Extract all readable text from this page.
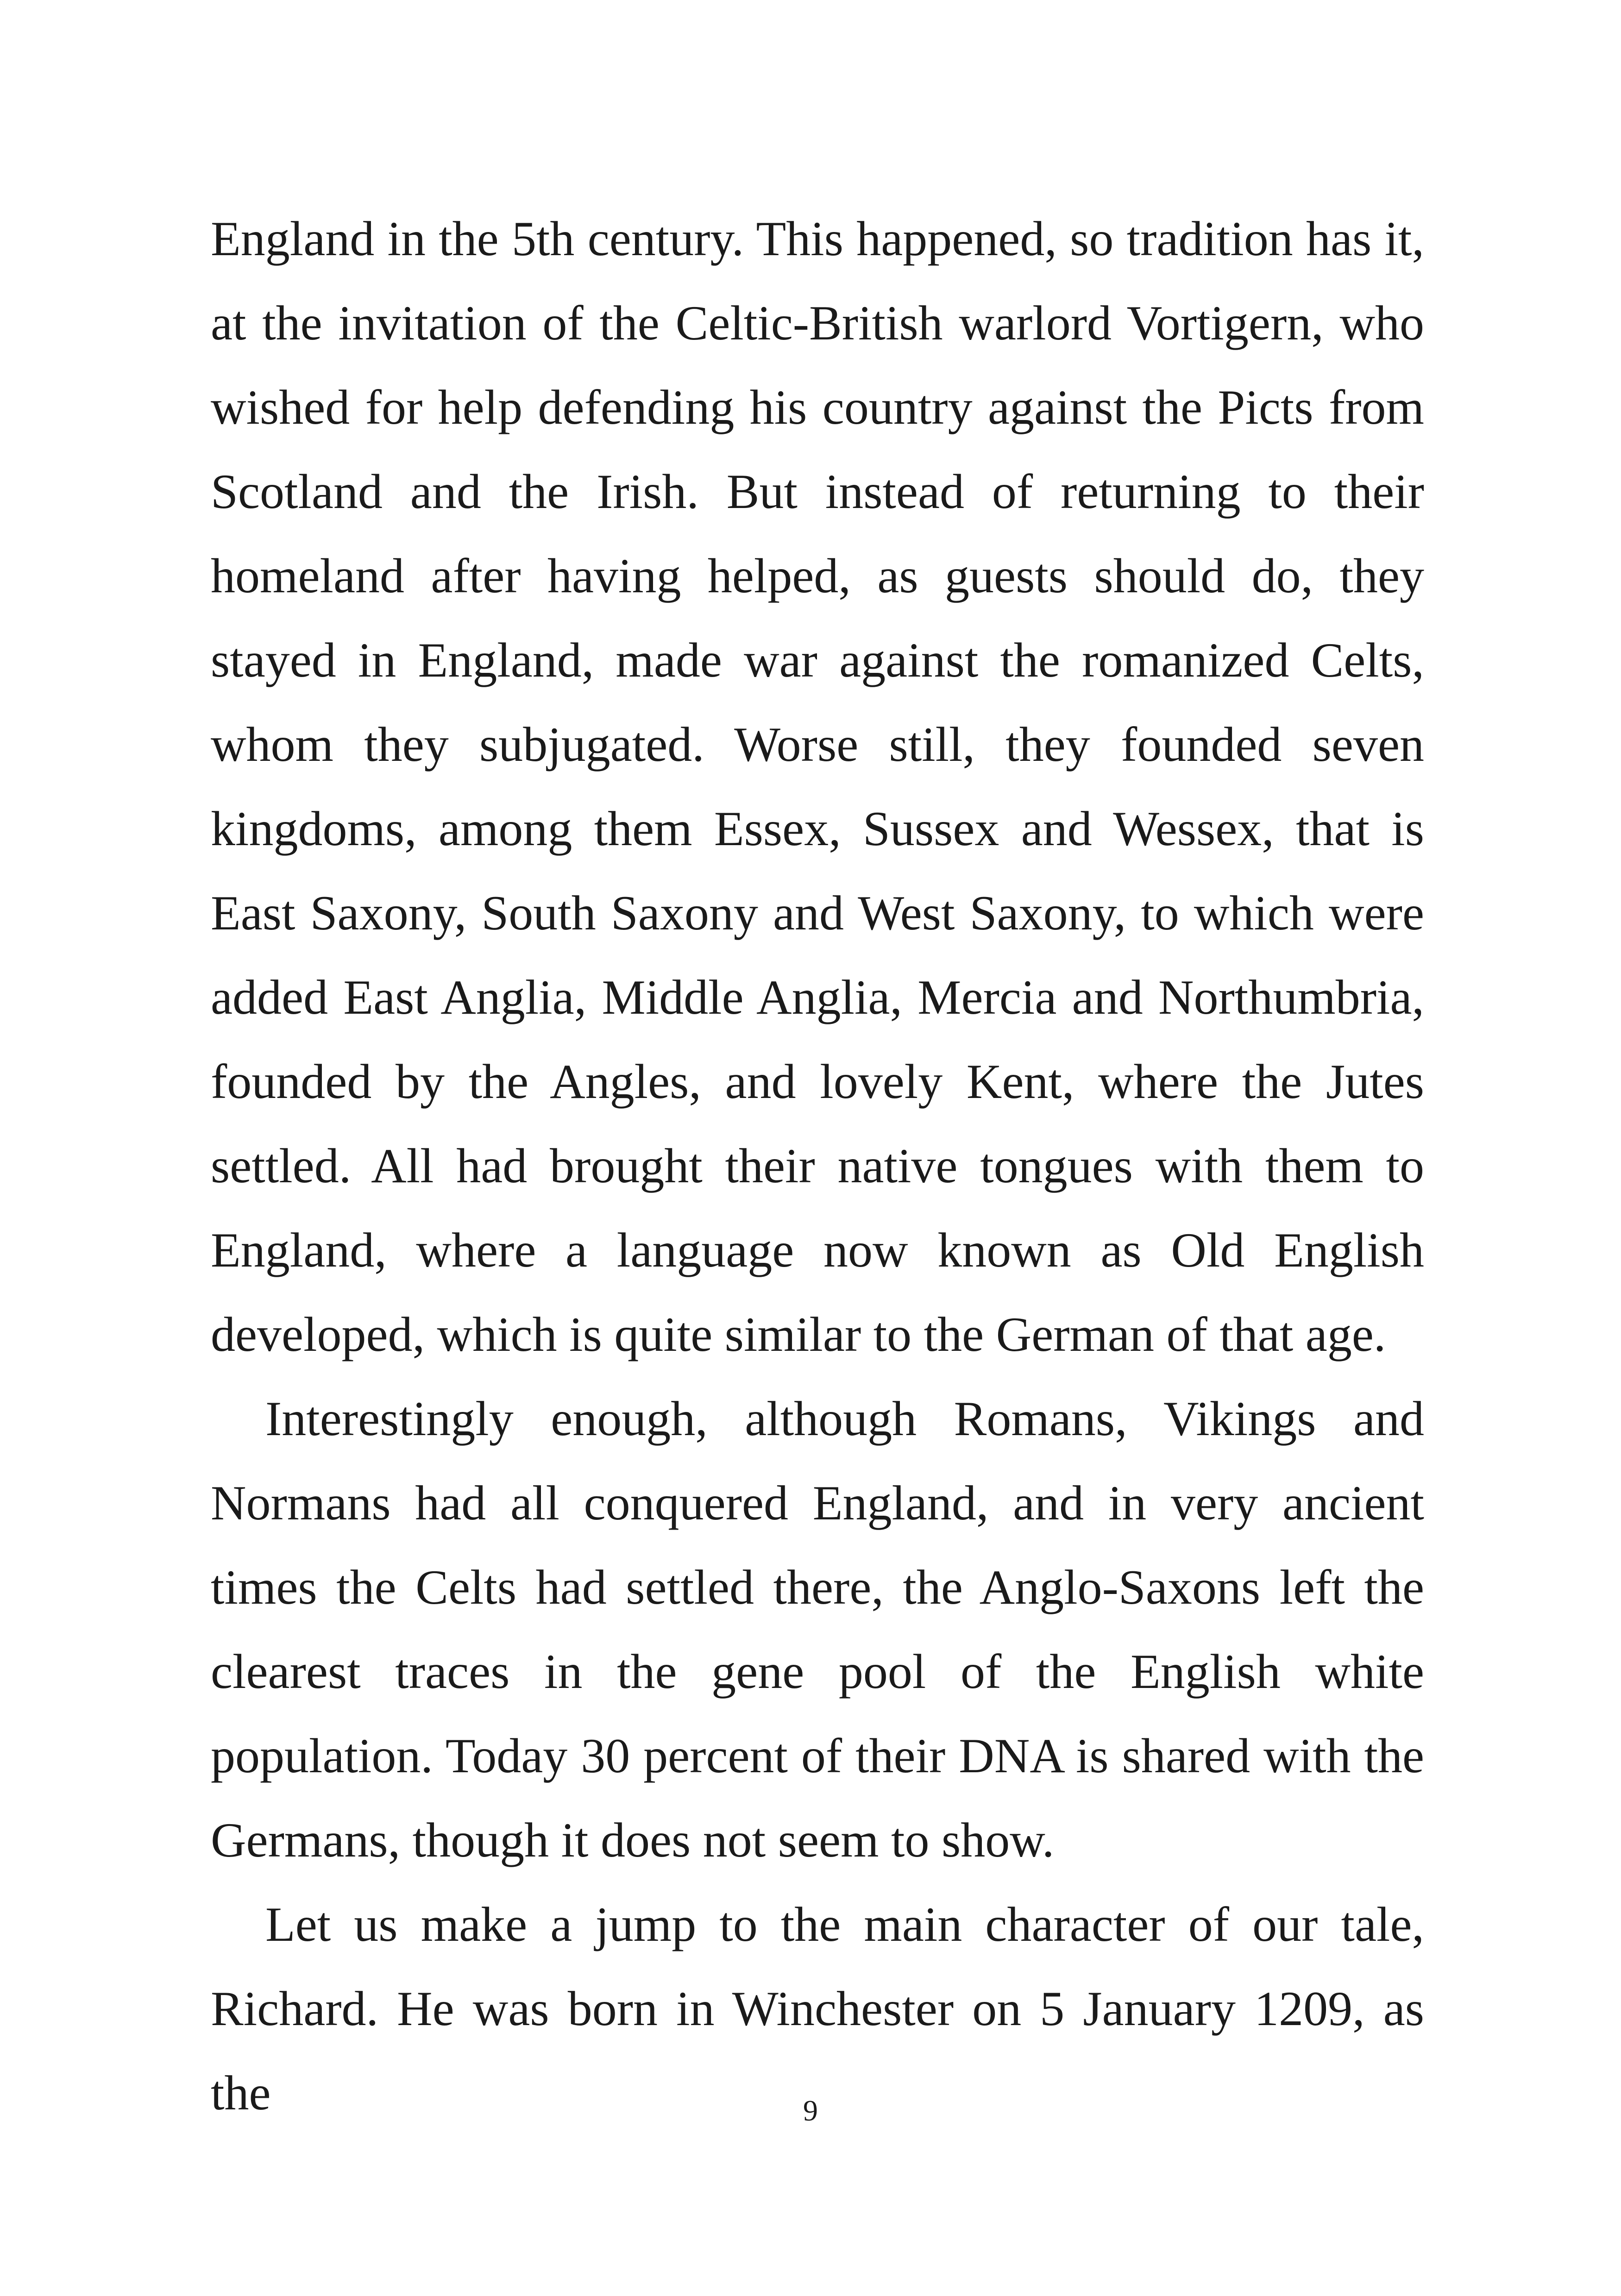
England in the 5th century. This happened, so tradition has it, at the invitation of the Celtic-British warlord Vortigern, who wished for help defending his country against the Picts from Scotland and the Irish. But instead of returning to their homeland after having helped, as guests should do, they stayed in England, made war against the romanized Celts, whom they subjugated. Worse still, they founded seven kingdoms, among them Essex, Sussex and Wessex, that is East Saxony, South Saxony and West Saxony, to which were added East Anglia, Middle Anglia, Mercia and Northumbria, founded by the Angles, and lovely Kent, where the Jutes settled. All had brought their native tongues with them to England, where a language now known as Old English developed, which is quite similar to the German of that age.

Interestingly enough, although Romans, Vikings and Normans had all conquered England, and in very ancient times the Celts had settled there, the Anglo-Saxons left the clearest traces in the gene pool of the English white population. Today 30 percent of their DNA is shared with the Germans, though it does not seem to show.

Let us make a jump to the main character of our tale, Richard. He was born in Winchester on 5 January 1209, as the	9
